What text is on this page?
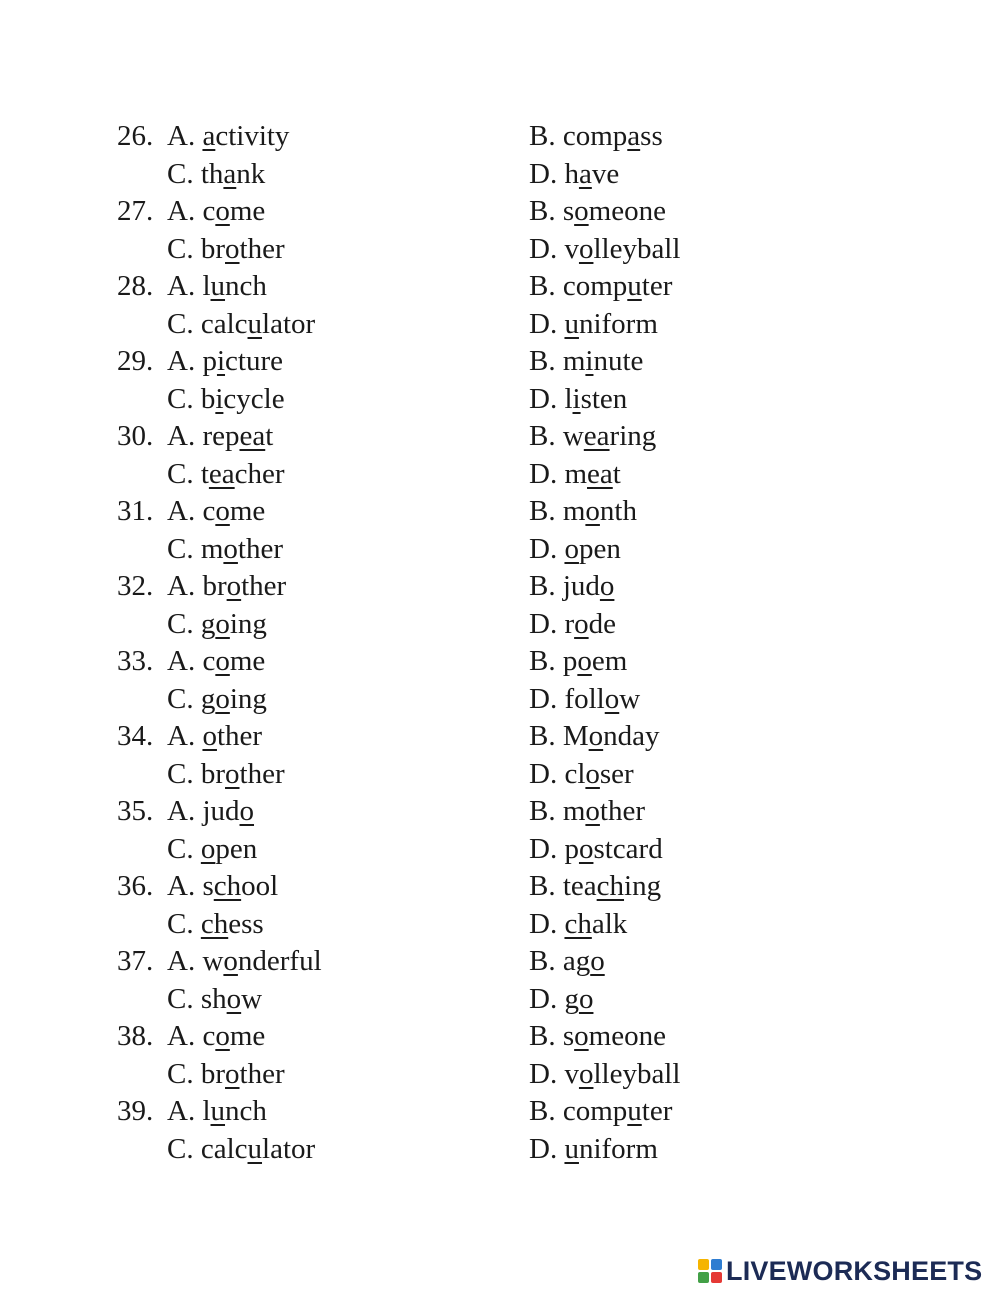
26. A. activity	B. compass
C. thank	D. have
27. A. come	B. someone
C. brother	D. volleyball
28. A. lunch	B. computer
C. calculator	D. uniform
29. A. picture	B. minute
C. bicycle	D. listen
30. A. repeat	B. wearing
C. teacher	D. meat
31. A. come	B. month
C. mother	D. open
32. A. brother	B. judo
C. going	D. rode
33. A. come	B. poem
C. going	D. follow
34. A. other	B. Monday
C. brother	D. closer
35. A. judo	B. mother
C. open	D. postcard
36. A. school	B. teaching
C. chess	D. chalk
37. A. wonderful	B. ago
C. show	D. go
38. A. come	B. someone
C. brother	D. volleyball
39. A. lunch	B. computer
C. calculator	D. uniform
LIVEWORKSHEETS
